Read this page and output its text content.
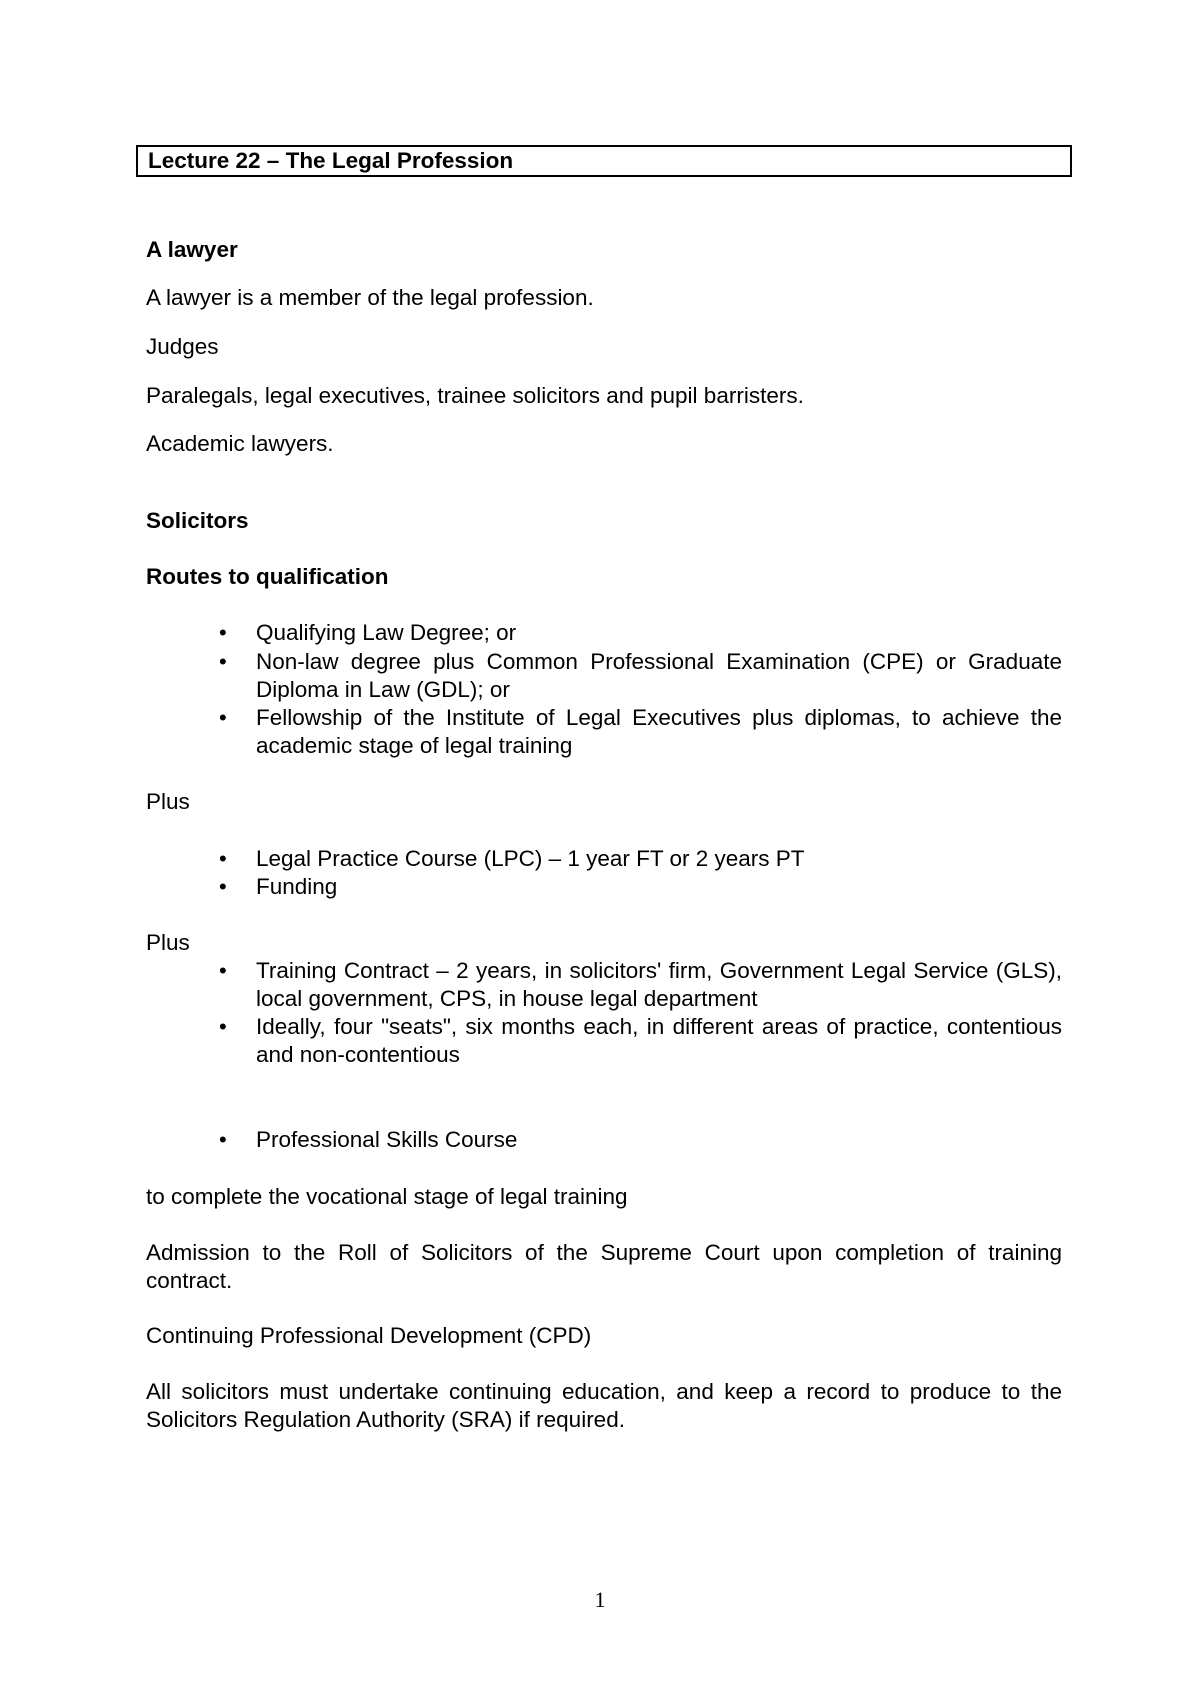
Lecture 22 – The Legal Profession
A lawyer
A lawyer is a member of the legal profession.
Judges
Paralegals, legal executives, trainee solicitors and pupil barristers.
Academic lawyers.
Solicitors
Routes to qualification
•	Qualifying Law Degree; or
•	Non-law degree plus Common Professional Examination (CPE) or Graduate Diploma in Law (GDL); or
•	Fellowship of the Institute of Legal Executives plus diplomas, to achieve the academic stage of legal training
Plus
•	Legal Practice Course (LPC) – 1 year FT or 2 years PT
•	Funding
Plus
•	Training Contract – 2 years, in solicitors' firm, Government Legal Service (GLS), local government, CPS, in house legal department
•	Ideally, four "seats", six months each, in different areas of practice, contentious and non-contentious
•	Professional Skills Course
to complete the vocational stage of legal training
Admission to the Roll of Solicitors of the Supreme Court upon completion of training contract.
Continuing Professional Development (CPD)
All solicitors must undertake continuing education, and keep a record to produce to the Solicitors Regulation Authority (SRA) if required.
1
